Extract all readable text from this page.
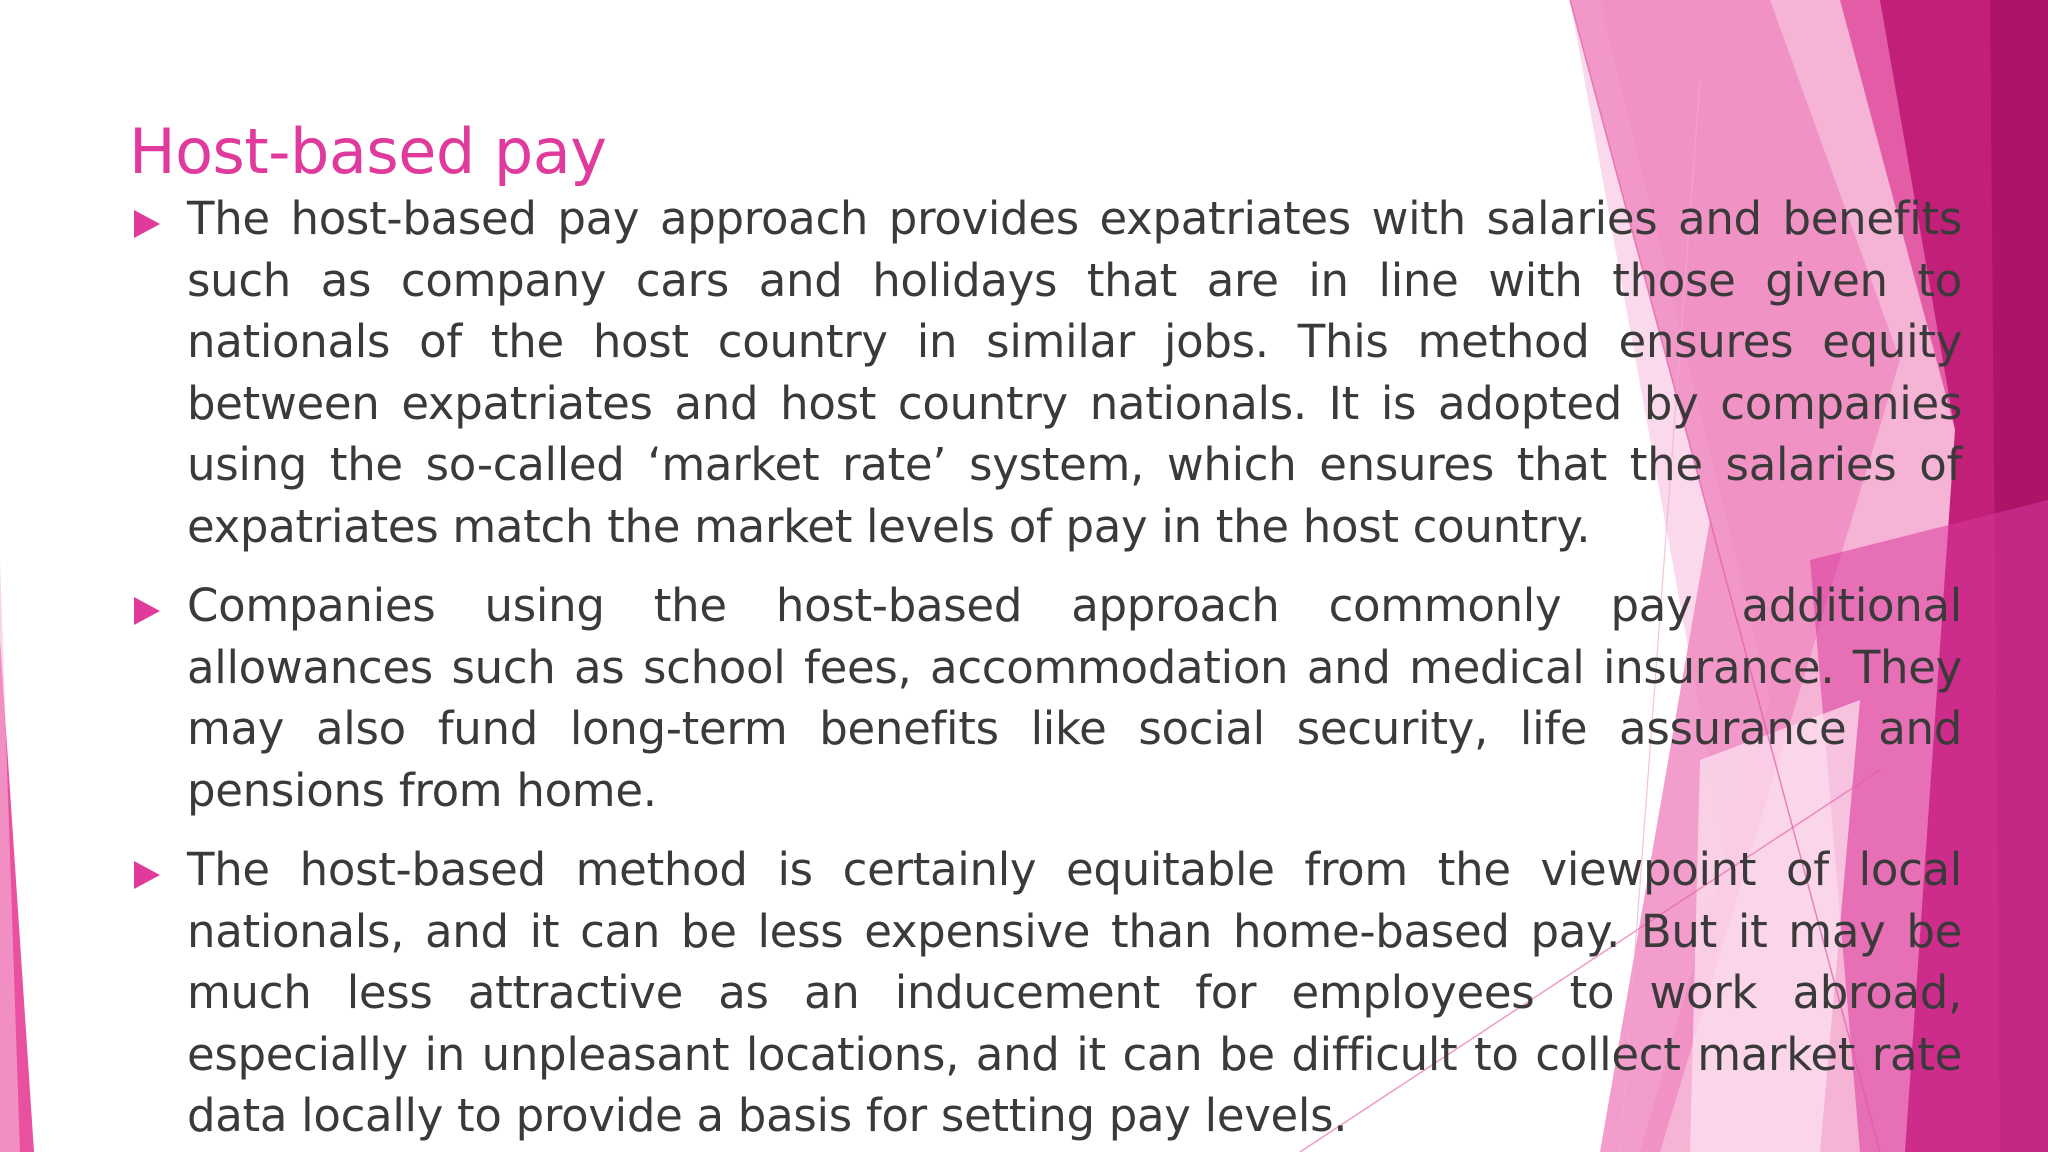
Host-based pay
The host-based pay approach provides expatriates with salaries and benefits such as company cars and holidays that are in line with those given to nationals of the host country in similar jobs. This method ensures equity between expatriates and host country nationals. It is adopted by companies using the so-called ‘market rate’ system, which ensures that the salaries of expatriates match the market levels of pay in the host country.
Companies using the host-based approach commonly pay additional allowances such as school fees, accommodation and medical insurance. They may also fund long-term benefits like social security, life assurance and pensions from home.
The host-based method is certainly equitable from the viewpoint of local nationals, and it can be less expensive than home-based pay. But it may be much less attractive as an inducement for employees to work abroad, especially in unpleasant locations, and it can be difficult to collect market rate data locally to provide a basis for setting pay levels.
